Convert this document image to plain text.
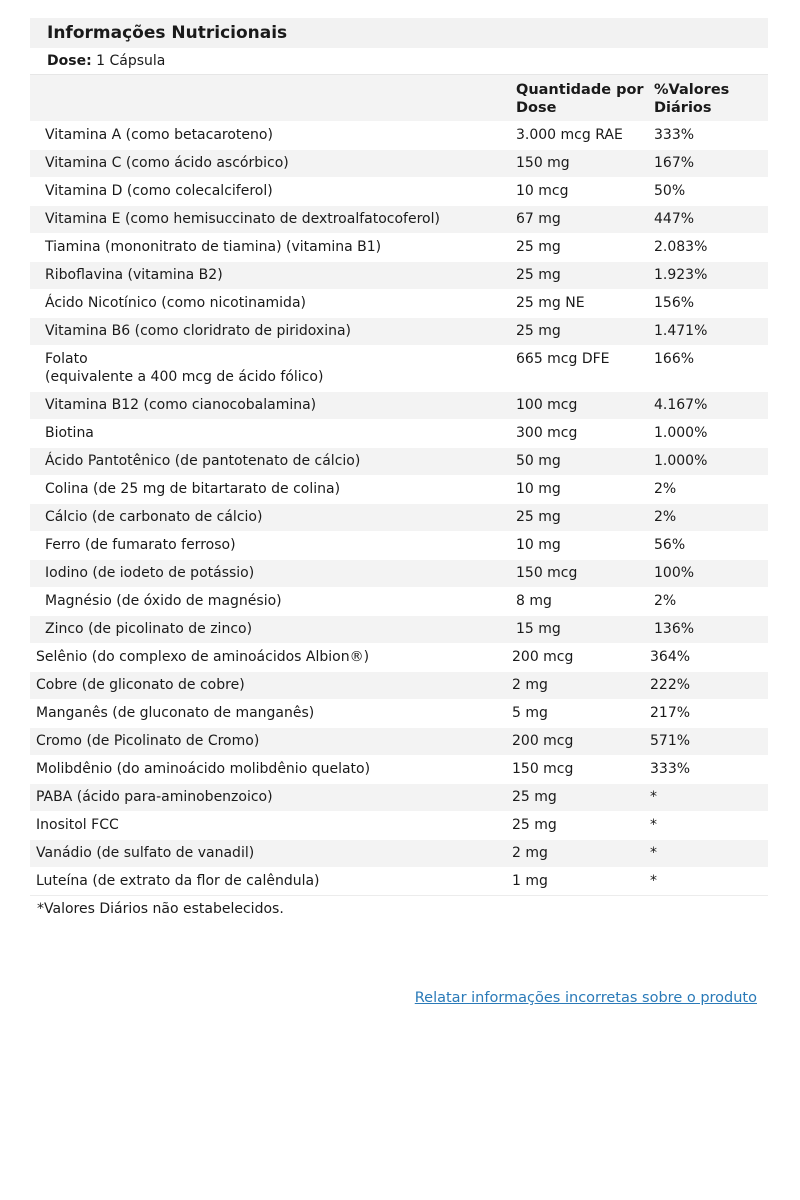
Informações Nutricionais
Dose: 1 Cápsula
	Quantidade por Dose	%Valores Diários
Vitamina A (como betacaroteno)	3.000 mcg RAE	333%
Vitamina C (como ácido ascórbico)	150 mg	167%
Vitamina D (como colecalciferol)	10 mcg	50%
Vitamina E (como hemisuccinato de dextroalfatocoferol)	67 mg	447%
Tiamina (mononitrato de tiamina) (vitamina B1)	25 mg	2.083%
Riboflavina (vitamina B2)	25 mg	1.923%
Ácido Nicotínico (como nicotinamida)	25 mg NE	156%
Vitamina B6 (como cloridrato de piridoxina)	25 mg	1.471%
Folato
(equivalente a 400 mcg de ácido fólico)	665 mcg DFE	166%
Vitamina B12 (como cianocobalamina)	100 mcg	4.167%
Biotina	300 mcg	1.000%
Ácido Pantotênico (de pantotenato de cálcio)	50 mg	1.000%
Colina (de 25 mg de bitartarato de colina)	10 mg	2%
Cálcio (de carbonato de cálcio)	25 mg	2%
Ferro (de fumarato ferroso)	10 mg	56%
Iodino (de iodeto de potássio)	150 mcg	100%
Magnésio (de óxido de magnésio)	8 mg	2%
Zinco (de picolinato de zinco)	15 mg	136%
Selênio (do complexo de aminoácidos Albion®)	200 mcg	364%
Cobre (de gliconato de cobre)	2 mg	222%
Manganês (de gluconato de manganês)	5 mg	217%
Cromo (de Picolinato de Cromo)	200 mcg	571%
Molibdênio (do aminoácido molibdênio quelato)	150 mcg	333%
PABA (ácido para-aminobenzoico)	25 mg	*
Inositol FCC	25 mg	*
Vanádio (de sulfato de vanadil)	2 mg	*
Luteína (de extrato da flor de calêndula)	1 mg	*
*Valores Diários não estabelecidos.
Relatar informações incorretas sobre o produto
